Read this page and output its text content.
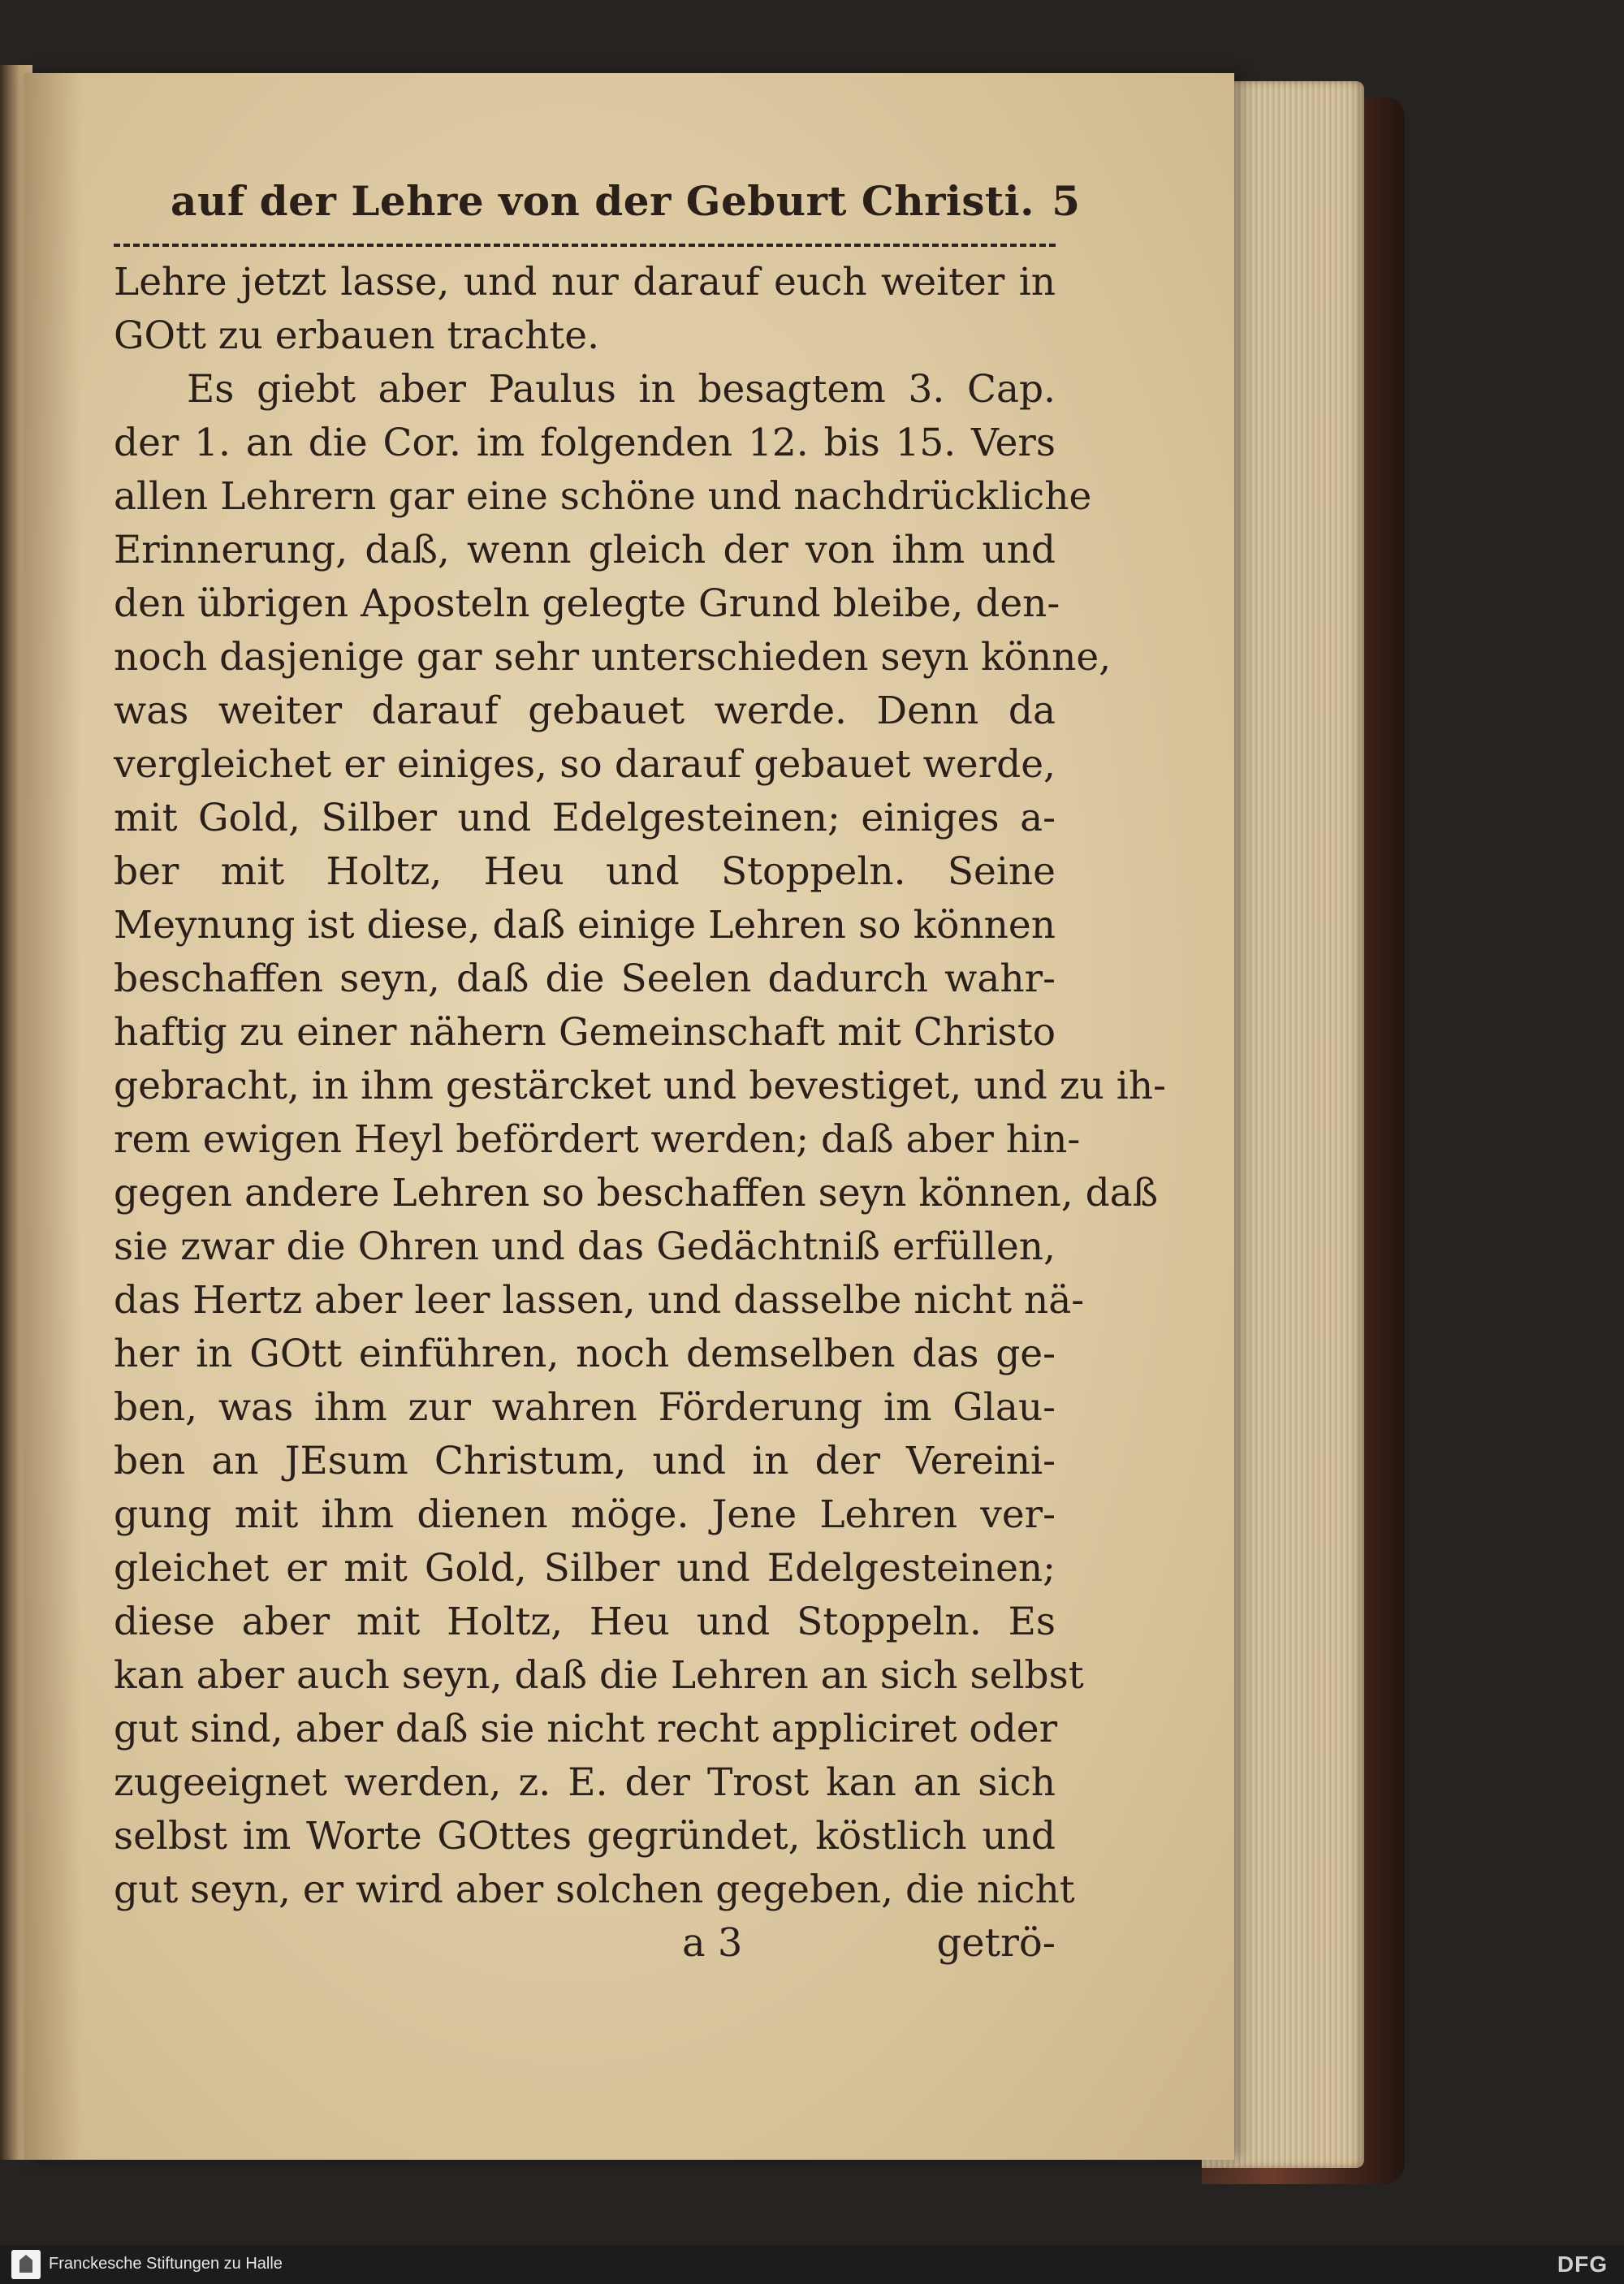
auf der Lehre von der Geburt Christi. 5
Lehre jetzt lasse, und nur darauf euch weiter in
GOtt zu erbauen trachte.
Es giebt aber Paulus in besagtem 3. Cap.
der 1. an die Cor. im folgenden 12. bis 15. Vers
allen Lehrern gar eine schöne und nachdrückliche
Erinnerung, daß, wenn gleich der von ihm und
den übrigen Aposteln gelegte Grund bleibe, den-
noch dasjenige gar sehr unterschieden seyn könne,
was weiter darauf gebauet werde. Denn da
vergleichet er einiges, so darauf gebauet werde,
mit Gold, Silber und Edelgesteinen; einiges a-
ber mit Holtz, Heu und Stoppeln. Seine
Meynung ist diese, daß einige Lehren so können
beschaffen seyn, daß die Seelen dadurch wahr-
haftig zu einer nähern Gemeinschaft mit Christo
gebracht, in ihm gestärcket und bevestiget, und zu ih-
rem ewigen Heyl befördert werden; daß aber hin-
gegen andere Lehren so beschaffen seyn können, daß
sie zwar die Ohren und das Gedächtniß erfüllen,
das Hertz aber leer lassen, und dasselbe nicht nä-
her in GOtt einführen, noch demselben das ge-
ben, was ihm zur wahren Förderung im Glau-
ben an JEsum Christum, und in der Vereini-
gung mit ihm dienen möge. Jene Lehren ver-
gleichet er mit Gold, Silber und Edelgesteinen;
diese aber mit Holtz, Heu und Stoppeln. Es
kan aber auch seyn, daß die Lehren an sich selbst
gut sind, aber daß sie nicht recht appliciret oder
zugeeignet werden, z. E. der Trost kan an sich
selbst im Worte GOttes gegründet, köstlich und
gut seyn, er wird aber solchen gegeben, die nicht
a 3	getrö-
Franckesche Stiftungen zu Halle	DFG
